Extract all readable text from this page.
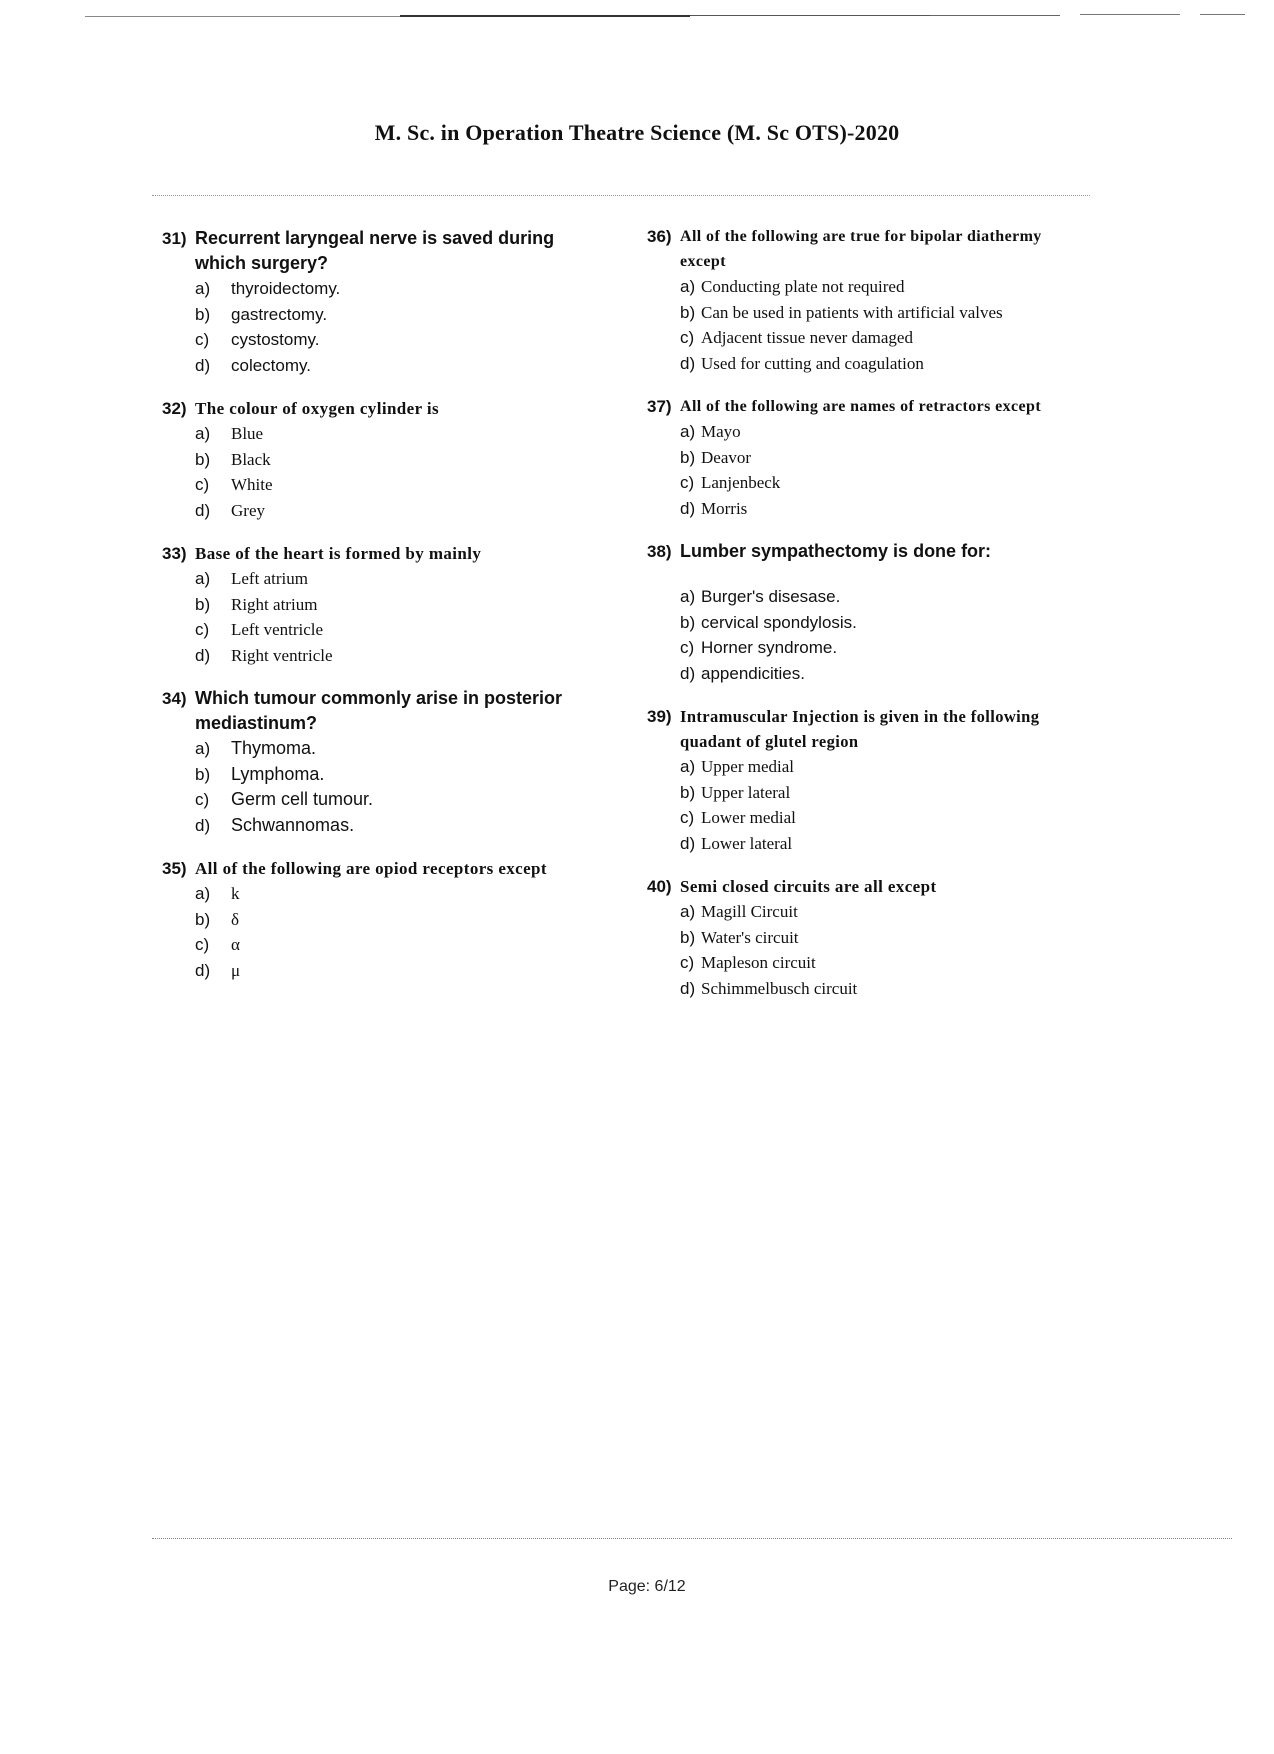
M. Sc. in Operation Theatre Science (M. Sc OTS)-2020
31) Recurrent laryngeal nerve is saved during which surgery?
a)	thyroidectomy.
b)	gastrectomy.
c)	cystostomy.
d)	colectomy.
32) The colour of oxygen cylinder is
a)	Blue
b)	Black
c)	White
d)	Grey
33) Base of the heart is formed by mainly
a)	Left atrium
b)	Right atrium
c)	Left ventricle
d)	Right ventricle
34) Which tumour commonly arise in posterior mediastinum?
a)	Thymoma.
b)	Lymphoma.
c)	Germ cell tumour.
d)	Schwannomas.
35) All of the following are opiod receptors except
a)	k
b)	δ
c)	α
d)	μ
36) All of the following are true for bipolar diathermy except
a) Conducting plate not required
b) Can be used in patients with artificial valves
c) Adjacent tissue never damaged
d) Used for cutting and coagulation
37) All of the following are names of retractors except
a) Mayo
b) Deavor
c) Lanjenbeck
d) Morris
38) Lumber sympathectomy is done for:
a) Burger's disesase.
b) cervical spondylosis.
c) Horner syndrome.
d) appendicities.
39) Intramuscular Injection is given in the following quadant of glutel region
a) Upper medial
b) Upper lateral
c) Lower medial
d) Lower lateral
40) Semi closed circuits are all except
a) Magill Circuit
b) Water's circuit
c) Mapleson circuit
d) Schimmelbusch circuit
Page: 6/12
